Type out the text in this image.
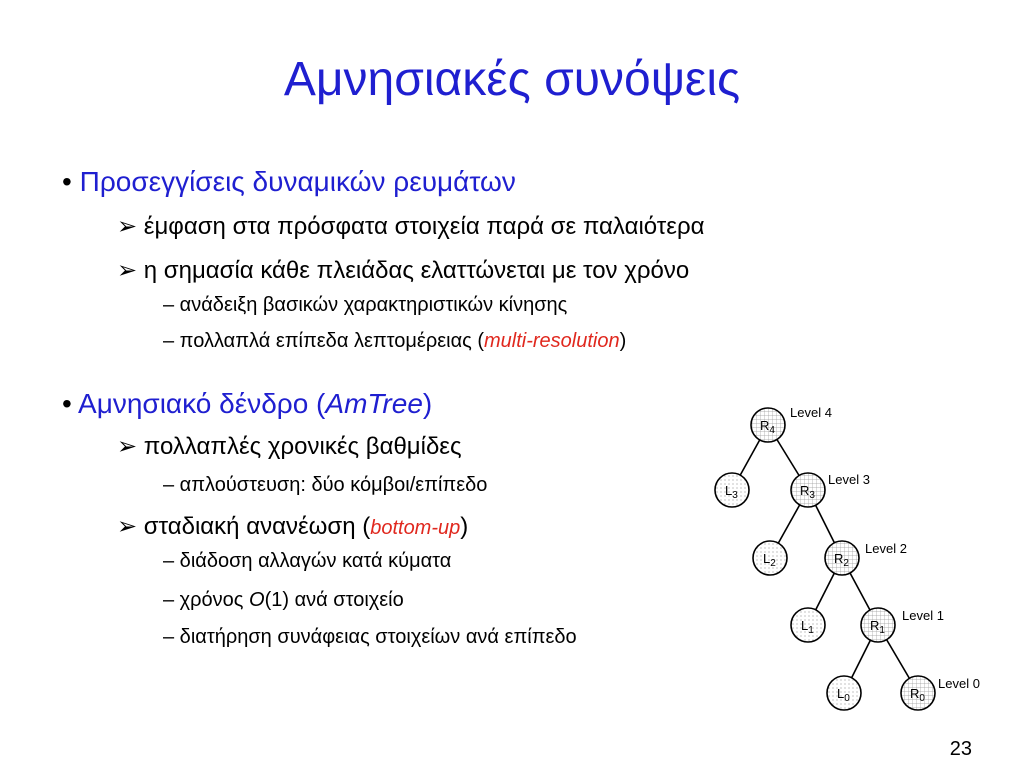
Αμνησιακές συνόψεις
• Προσεγγίσεις δυναμικών ρευμάτων
➢ έμφαση στα πρόσφατα στοιχεία παρά σε παλαιότερα
➢ η σημασία κάθε πλειάδας ελαττώνεται με τον χρόνο
– ανάδειξη βασικών χαρακτηριστικών κίνησης
– πολλαπλά επίπεδα λεπτομέρειας (multi-resolution)
• Αμνησιακό δένδρο (AmTree)
➢ πολλαπλές χρονικές βαθμίδες
– απλούστευση: δύο κόμβοι/επίπεδο
➢ σταδιακή ανανέωση (bottom-up)
– διάδοση αλλαγών κατά κύματα
– χρόνος O(1) ανά στοιχείο
– διατήρηση συνάφειας στοιχείων ανά επίπεδο
$R_4$
$R_3$
$R_2$
$R_1$
$R_0$
$L_3$
$L_2$
$L_1$
$L_0$
Level 4
Level 3
Level 2
Level 1
Level 0
23
